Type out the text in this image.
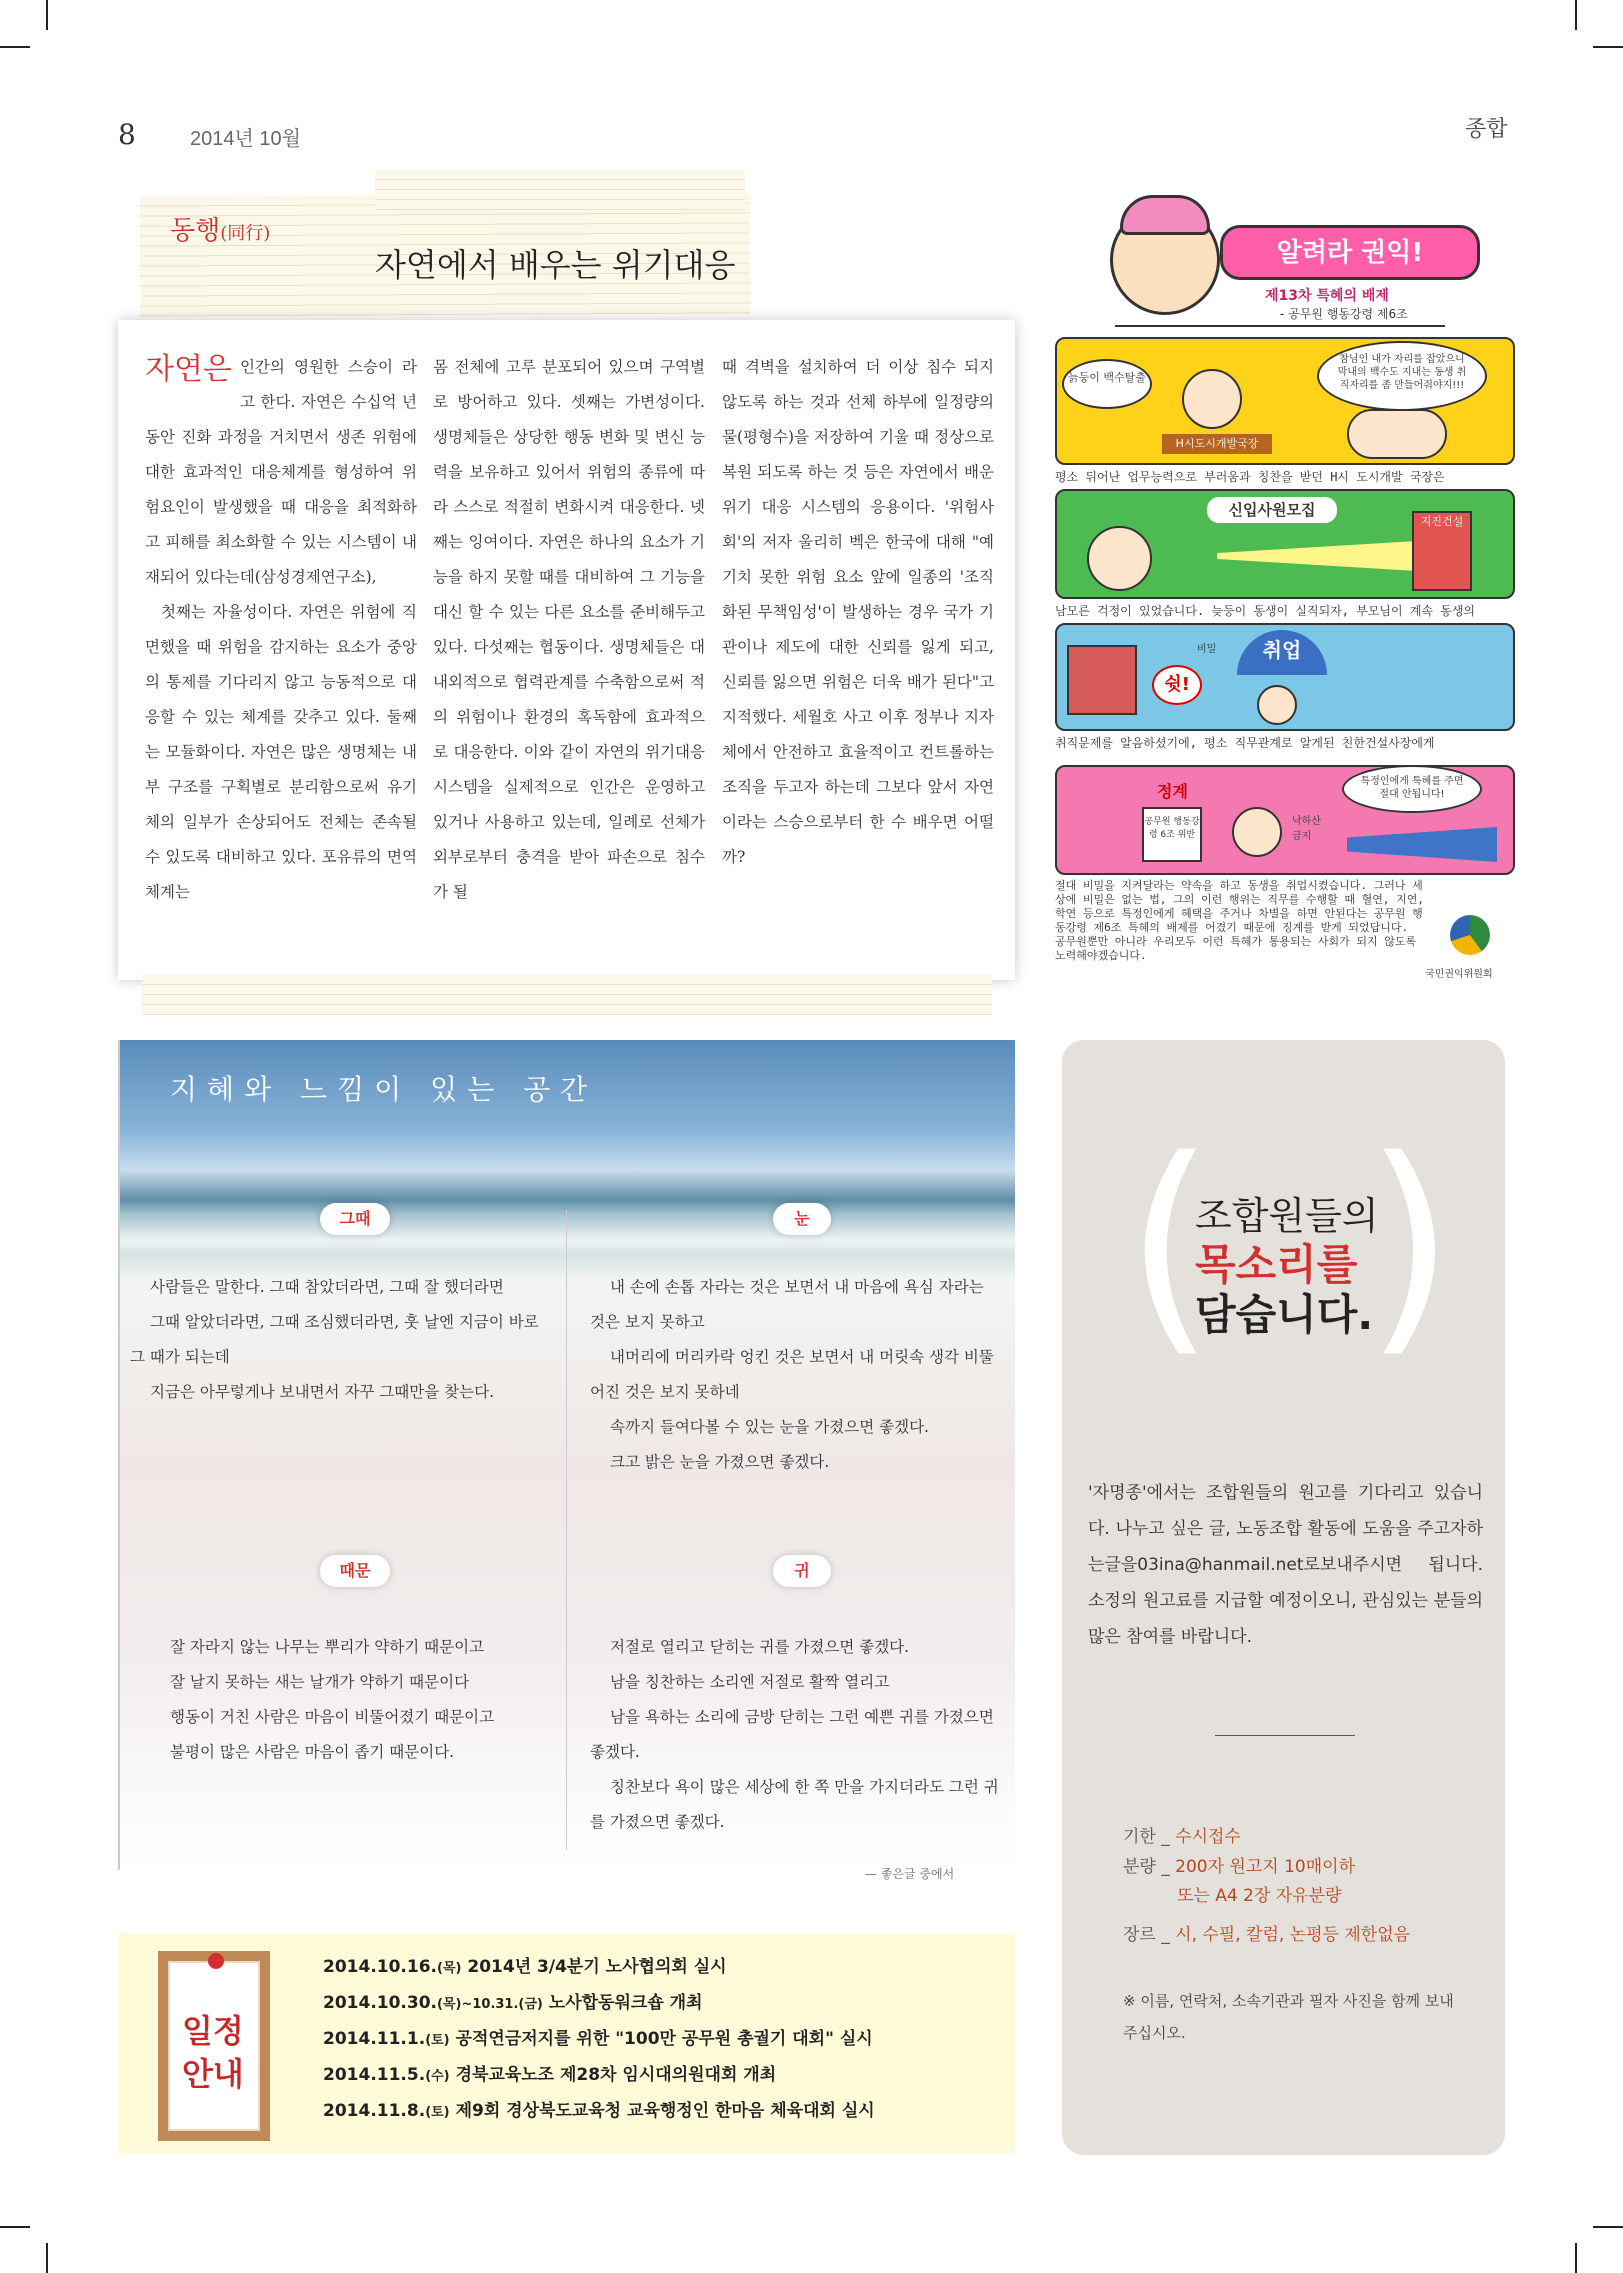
8	2014년 10월	종합
동행(同行)
자연에서 배우는 위기대응
자연은 인간의 영원한 스승이 라고 한다. 자연은 수십억 년 동안 진화 과정을 거치면서 생존 위험에 대한 효과적인 대응체계를 형성하여 위험요인이 발생했을 때 대응을 최적화하고 피해를 최소화할 수 있는 시스템이 내재되어 있다는데(삼성경제연구소),
첫째는 자율성이다. 자연은 위험에 직면했을 때 위험을 감지하는 요소가 중앙의 통제를 기다리지 않고 능동적으로 대응할 수 있는 체계를 갖추고 있다. 둘째는 모듈화이다. 자연은 많은 생명체는 내부 구조를 구획별로 분리함으로써 유기체의 일부가 손상되어도 전체는 존속될 수 있도록 대비하고 있다. 포유류의 면역체계는
몸 전체에 고루 분포되어 있으며 구역별로 방어하고 있다. 셋째는 가변성이다. 생명체들은 상당한 행동 변화 및 변신 능력을 보유하고 있어서 위험의 종류에 따라 스스로 적절히 변화시켜 대응한다. 넷째는 잉여이다. 자연은 하나의 요소가 기능을 하지 못할 때를 대비하여 그 기능을 대신 할 수 있는 다른 요소를 준비해두고 있다. 다섯째는 협동이다. 생명체들은 대내외적으로 협력관계를 수축함으로써 적의 위험이나 환경의 혹독함에 효과적으로 대응한다. 이와 같이 자연의 위기대응 시스템을 실제적으로 인간은 운영하고 있거나 사용하고 있는데, 일례로 선체가 외부로부터 충격을 받아 파손으로 침수가 될
때 격벽을 설치하여 더 이상 침수 되지 않도록 하는 것과 선체 하부에 일정량의 물(평형수)을 저장하여 기울 때 정상으로 복원 되도록 하는 것 등은 자연에서 배운 위기 대응 시스템의 응용이다. '위험사회'의 저자 울리히 벡은 한국에 대해 "예기치 못한 위험 요소 앞에 일종의 '조직화된 무책임성'이 발생하는 경우 국가 기관이나 제도에 대한 신뢰를 잃게 되고, 신뢰를 잃으면 위험은 더욱 배가 된다"고 지적했다. 세월호 사고 이후 정부나 지자체에서 안전하고 효율적이고 컨트롤하는 조직을 두고자 하는데 그보다 앞서 자연이라는 스승으로부터 한 수 배우면 어떨까?
알려라 권익!
제13차 특혜의 배제
- 공무원 행동강령 제6조
H시도시개발국장
늙둥이 백수탈출
참님인 내가 자리를 잡았으니 막내의 백수도 지내는 동생 취직자리를 좀 만들어줘야지!!!
평소 뒤어난 업무능력으로 부러움과 칭찬을 받던 H시 도시개발 국장은
신입사원모집
지진건설
남모른 걱정이 있었습니다. 늦둥이 동생이 실직되자, 부모님이 계속 동생의
취업
쉿!
비밀
취직문제를 알음하셨기에, 평소 직무관계로 알게된 친한건설사장에게
정계
특정인에게 특혜를 주면 절대 안됩니다!
공무원 행동강령 6조 위반
낙하산 금지
절대 비밀을 지켜달라는 약속을 하고 동생을 취업시켰습니다. 그러나 세상에 비밀은 없는 법, 그의 이런 행위는 직무를 수행할 때 혈연, 지연, 학연 등으로 특정인에게 혜택을 주거나 차별을 하면 안된다는 공무원 행동강령 제6조 특혜의 배제를 어겼기 때문에 징계를 받게 되었답니다. 공무원뿐만 아니라 우리모두 이런 특혜가 통용되는 사회가 되지 않도록 노력해야겠습니다.
국민권익위원회
지혜와 느낌이 있는 공간
그때

사람들은 말한다. 그때 참았더라면, 그때 잘 했더라면

그때 알았더라면, 그때 조심했더라면, 훗 날엔 지금이 바로 그 때가 되는데

지금은 아무렇게나 보내면서 자꾸 그때만을 찾는다.

눈

내 손에 손톱 자라는 것은 보면서 내 마음에 욕심 자라는 것은 보지 못하고

내머리에 머리카락 엉킨 것은 보면서 내 머릿속 생각 비뚤어진 것은 보지 못하네

속까지 들여다볼 수 있는 눈을 가졌으면 좋겠다.

크고 밝은 눈을 가졌으면 좋겠다.

때문

잘 자라지 않는 나무는 뿌리가 약하기 때문이고

잘 날지 못하는 새는 날개가 약하기 때문이다

행동이 거친 사람은 마음이 비뚤어졌기 때문이고

불평이 많은 사람은 마음이 좁기 때문이다.

귀

저절로 열리고 닫히는 귀를 가졌으면 좋겠다.

남을 칭찬하는 소리엔 저절로 활짝 열리고

남을 욕하는 소리에 금방 닫히는 그런 예쁜 귀를 가졌으면 좋겠다.

칭찬보다 욕이 많은 세상에 한 쪽 만을 가지더라도 그런 귀를 가졌으면 좋겠다.

— 좋은글 중에서
( )
조합원들의
목소리를
담습니다.
'자명종'에서는 조합원들의 원고를 기다리고 있습니다. 나누고 싶은 글, 노동조합 활동에 도움을 주고자하는글을03ina@hanmail.net로보내주시면 됩니다. 소정의 원고료를 지급할 예정이오니, 관심있는 분들의 많은 참여를 바랍니다.
기한 _ 수시접수
분량 _ 200자 원고지 10매이하
또는 A4 2장 자유분량
장르 _ 시, 수필, 칼럼, 논평등 제한없음
※ 이름, 연락처, 소속기관과 필자 사진을 함께 보내주십시오.
일정
안내
2014.10.16.(목) 2014년 3/4분기 노사협의회 실시
2014.10.30.(목)~10.31.(금) 노사합동워크숍 개최
2014.11.1.(토) 공적연금저지를 위한 "100만 공무원 총궐기 대회" 실시
2014.11.5.(수) 경북교육노조 제28차 임시대의원대회 개최
2014.11.8.(토) 제9회 경상북도교육청 교육행정인 한마음 체육대회 실시
